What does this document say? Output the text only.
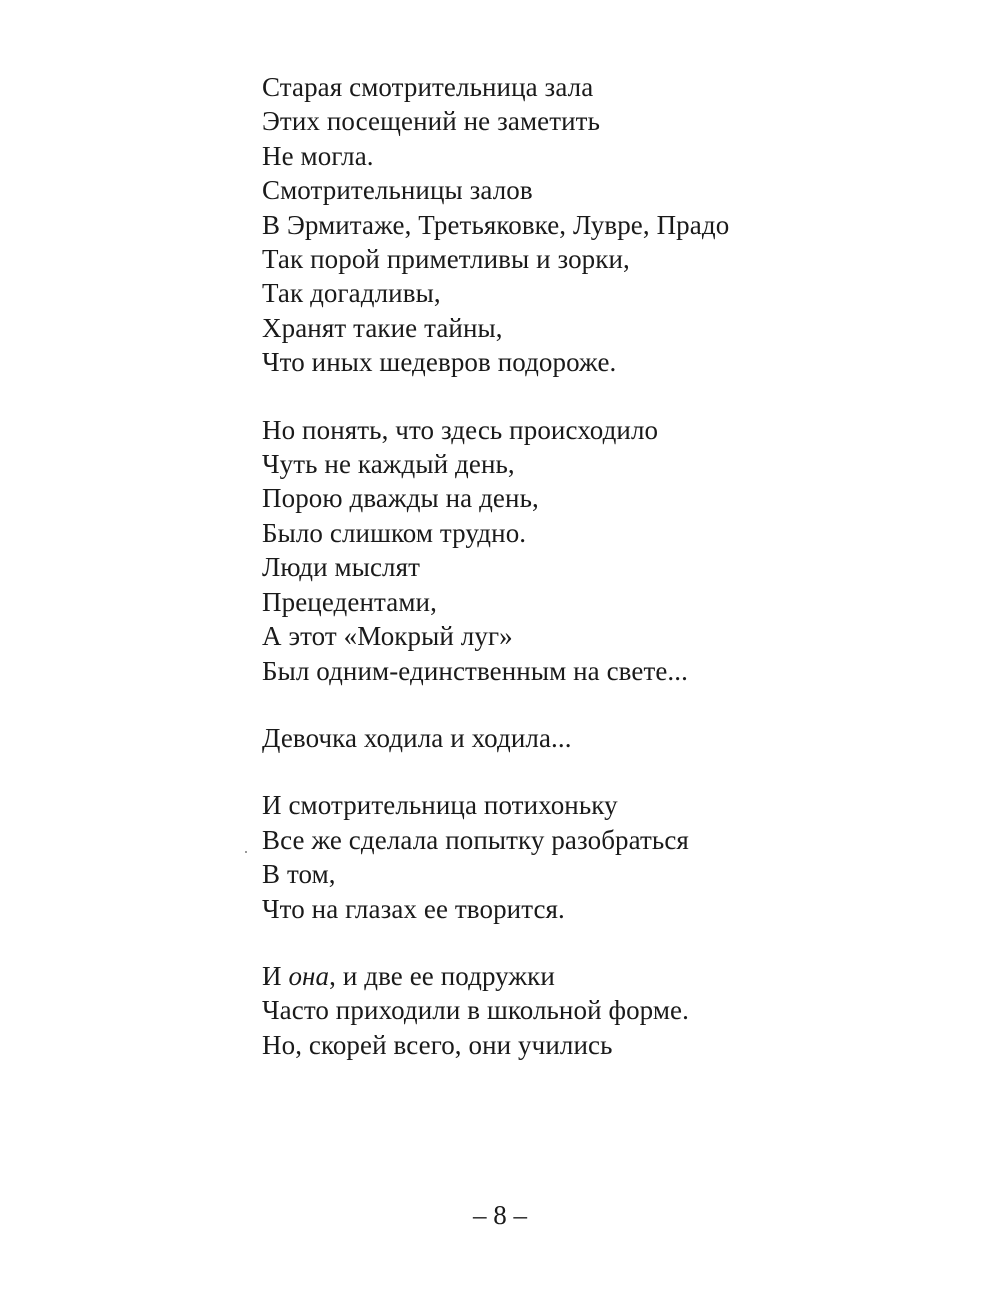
Старая смотрительница зала
Этих посещений не заметить
Не могла.
Смотрительницы залов
В Эрмитаже, Третьяковке, Лувре, Прадо
Так порой приметливы и зорки,
Так догадливы,
Хранят такие тайны,
Что иных шедевров подороже.
Но понять, что здесь происходило
Чуть не каждый день,
Порою дважды на день,
Было слишком трудно.
Люди мыслят
Прецедентами,
А этот «Мокрый луг»
Был одним-единственным на свете...
Девочка ходила и ходила...
И смотрительница потихоньку
Все же сделала попытку разобраться
В том,
Что на глазах ее творится.
И она, и две ее подружки
Часто приходили в школьной форме.
Но, скорей всего, они учились
– 8 –
